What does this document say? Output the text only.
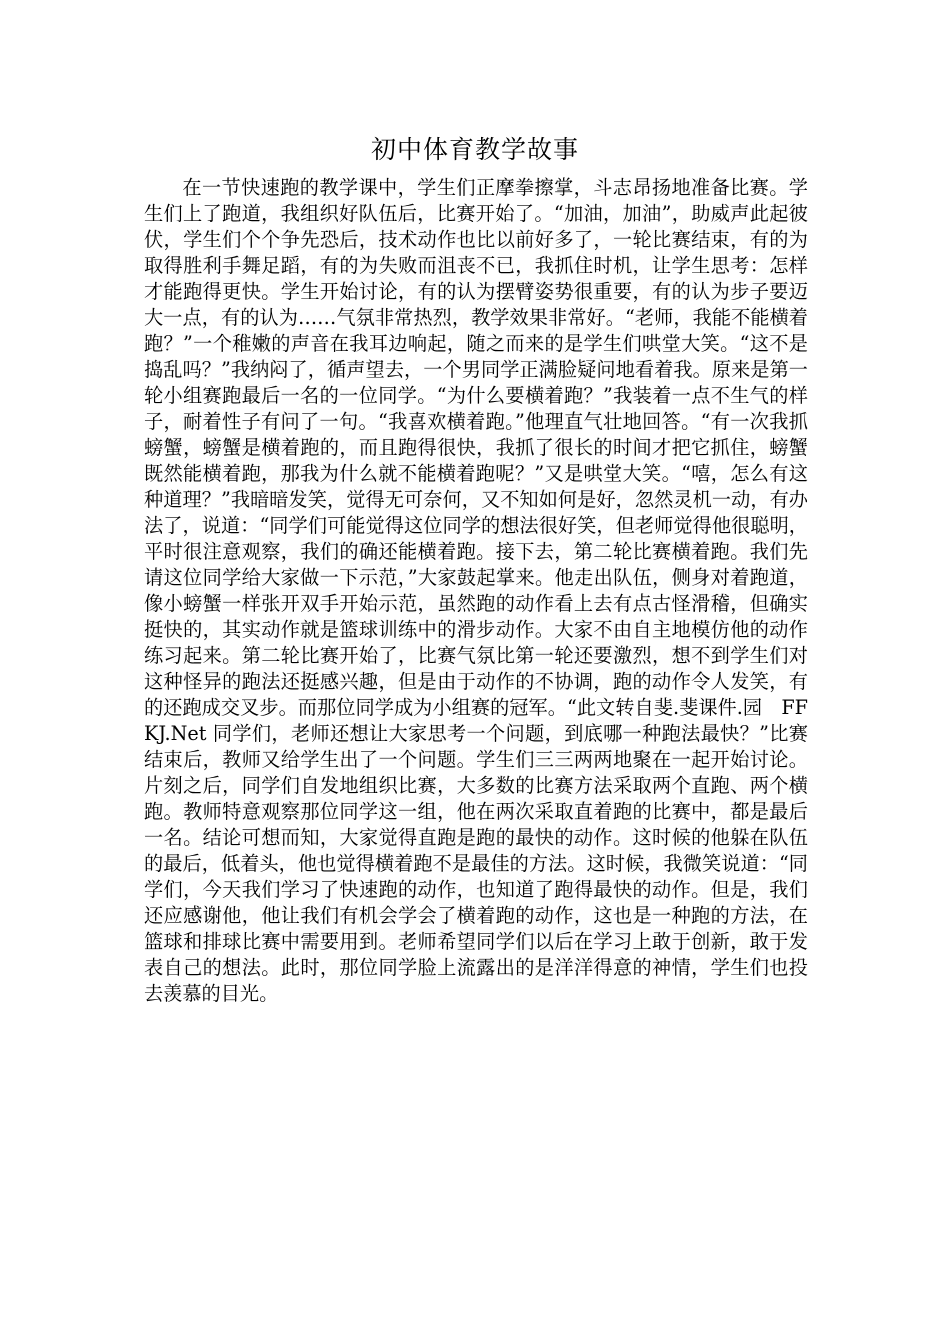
初中体育教学故事

在一节快速跑的教学课中，学生们正摩拳擦掌，斗志昂扬地准备比赛。学生们上了跑道，我组织好队伍后，比赛开始了。“加油，加油”，助威声此起彼伏，学生们个个争先恐后，技术动作也比以前好多了，一轮比赛结束，有的为取得胜利手舞足蹈，有的为失败而沮丧不已，我抓住时机，让学生思考：怎样才能跑得更快。学生开始讨论，有的认为摆臂姿势很重要，有的认为步子要迈大一点，有的认为……气氛非常热烈，教学效果非常好。“老师，我能不能横着跑？”一个稚嫩的声音在我耳边响起，随之而来的是学生们哄堂大笑。“这不是捣乱吗？”我纳闷了，循声望去，一个男同学正满脸疑问地看着我。原来是第一轮小组赛跑最后一名的一位同学。“为什么要横着跑？”我装着一点不生气的样子，耐着性子有问了一句。“我喜欢横着跑。”他理直气壮地回答。“有一次我抓螃蟹，螃蟹是横着跑的，而且跑得很快，我抓了很长的时间才把它抓住，螃蟹既然能横着跑，那我为什么就不能横着跑呢？”又是哄堂大笑。“嘻，怎么有这种道理？”我暗暗发笑，觉得无可奈何，又不知如何是好，忽然灵机一动，有办法了，说道：“同学们可能觉得这位同学的想法很好笑，但老师觉得他很聪明，平时很注意观察，我们的确还能横着跑。接下去，第二轮比赛横着跑。我们先请这位同学给大家做一下示范，”大家鼓起掌来。他走出队伍，侧身对着跑道，像小螃蟹一样张开双手开始示范，虽然跑的动作看上去有点古怪滑稽，但确实挺快的，其实动作就是篮球训练中的滑步动作。大家不由自主地模仿他的动作练习起来。第二轮比赛开始了，比赛气氛比第一轮还要激烈，想不到学生们对这种怪异的跑法还挺感兴趣，但是由于动作的不协调，跑的动作令人发笑，有的还跑成交叉步。而那位同学成为小组赛的冠军。“此文转自斐.斐课件.园　FFKJ.Net 同学们，老师还想让大家思考一个问题，到底哪一种跑法最快？”比赛结束后，教师又给学生出了一个问题。学生们三三两两地聚在一起开始讨论。片刻之后，同学们自发地组织比赛，大多数的比赛方法采取两个直跑、两个横跑。教师特意观察那位同学这一组，他在两次采取直着跑的比赛中，都是最后一名。结论可想而知，大家觉得直跑是跑的最快的动作。这时候的他躲在队伍的最后，低着头，他也觉得横着跑不是最佳的方法。这时候，我微笑说道：“同学们，今天我们学习了快速跑的动作，也知道了跑得最快的动作。但是，我们还应感谢他，他让我们有机会学会了横着跑的动作，这也是一种跑的方法，在篮球和排球比赛中需要用到。老师希望同学们以后在学习上敢于创新，敢于发表自己的想法。此时，那位同学脸上流露出的是洋洋得意的神情，学生们也投去羡慕的目光。
